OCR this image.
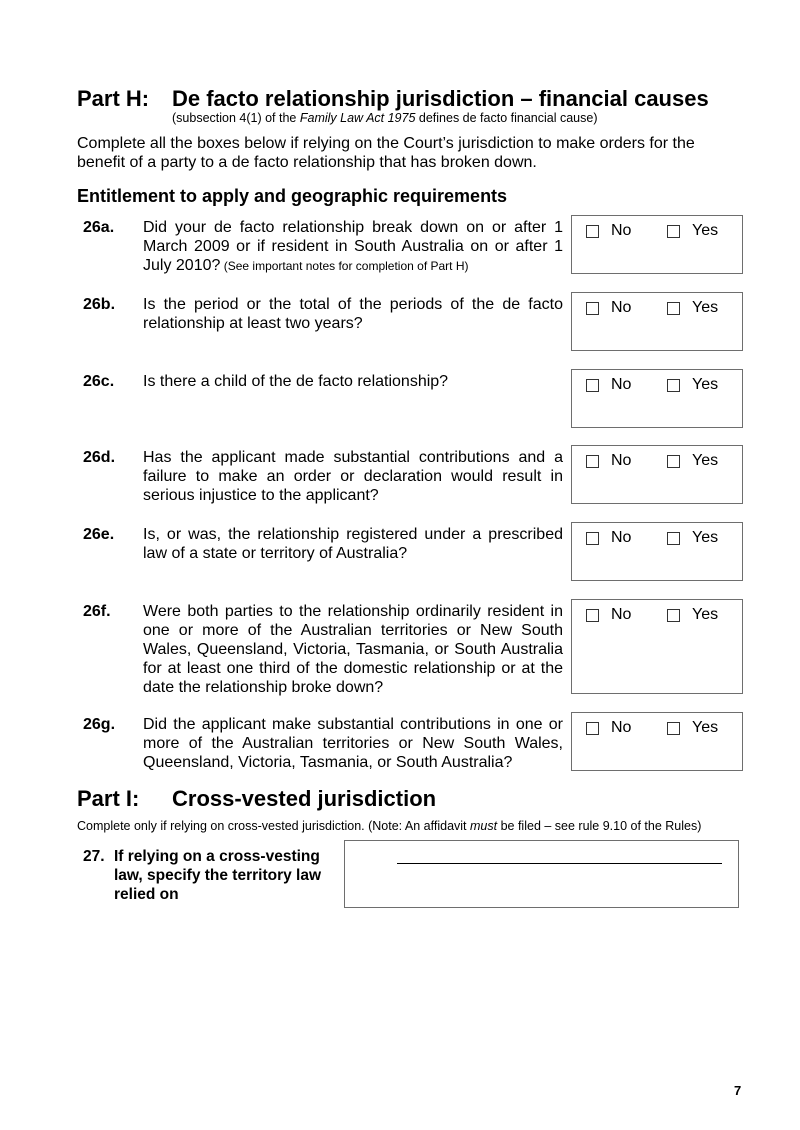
Part H: De facto relationship jurisdiction – financial causes
(subsection 4(1) of the Family Law Act 1975 defines de facto financial cause)
Complete all the boxes below if relying on the Court’s jurisdiction to make orders for the benefit of a party to a de facto relationship that has broken down.
Entitlement to apply and geographic requirements
26a. Did your de facto relationship break down on or after 1 March 2009 or if resident in South Australia on or after 1 July 2010? (See important notes for completion of Part H)
No	Yes
26b. Is the period or the total of the periods of the de facto relationship at least two years?
No	Yes
26c. Is there a child of the de facto relationship?	No	Yes
26d. Has the applicant made substantial contributions and a failure to make an order or declaration would result in serious injustice to the applicant?
No	Yes
26e. Is, or was, the relationship registered under a prescribed law of a state or territory of Australia?
No	Yes
26f. Were both parties to the relationship ordinarily resident in one or more of the Australian territories or New South Wales, Queensland, Victoria, Tasmania, or South Australia for at least one third of the domestic relationship or at the date the relationship broke down?
No	Yes
26g. Did the applicant make substantial contributions in one or more of the Australian territories or New South Wales, Queensland, Victoria, Tasmania, or South Australia?
No	Yes
Part I: Cross-vested jurisdiction
Complete only if relying on cross-vested jurisdiction. (Note: An affidavit must be filed – see rule 9.10 of the Rules)
27. If relying on a cross-vesting law, specify the territory law relied on
7
